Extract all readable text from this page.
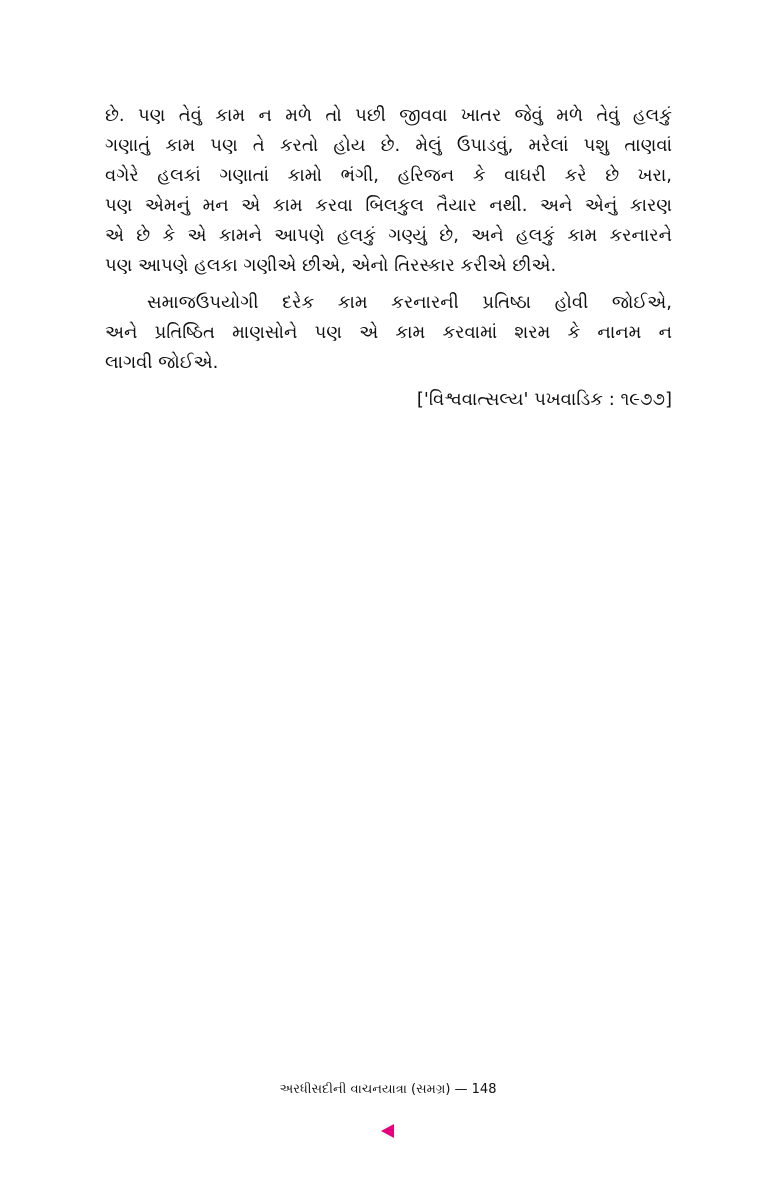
છે. પણ તેવું કામ ન મળે તો પછી જીવવા ખાતર જેવું મળે તેવું હલકું
ગણાતું કામ પણ તે કરતો હોય છે. મેલું ઉપાડવું, મરેલાં પશુ તાણવાં
વગેરે હલકાં ગણાતાં કામો ભંગી, હરિજન કે વાઘરી કરે છે ખરા,
પણ એમનું મન એ કામ કરવા બિલકુલ તૈયાર નથી. અને એનું કારણ
એ છે કે એ કામને આપણે હલકું ગણ્યું છે, અને હલકું કામ કરનારને
પણ આપણે હલકા ગણીએ છીએ, એનો તિરસ્કાર કરીએ છીએ.
સમાજઉપયોગી દરેક કામ કરનારની પ્રતિષ્ઠા હોવી જોઈએ,
અને પ્રતિષ્ઠિત માણસોને પણ એ કામ કરવામાં શરમ કે નાનમ ન
લાગવી જોઈએ.
['વિશ્વવાત્સલ્ય' પખવાડિક : ૧૯૭૭]
અરધીસદીની વાચનયાત્રા (સમગ્ર) — 148
